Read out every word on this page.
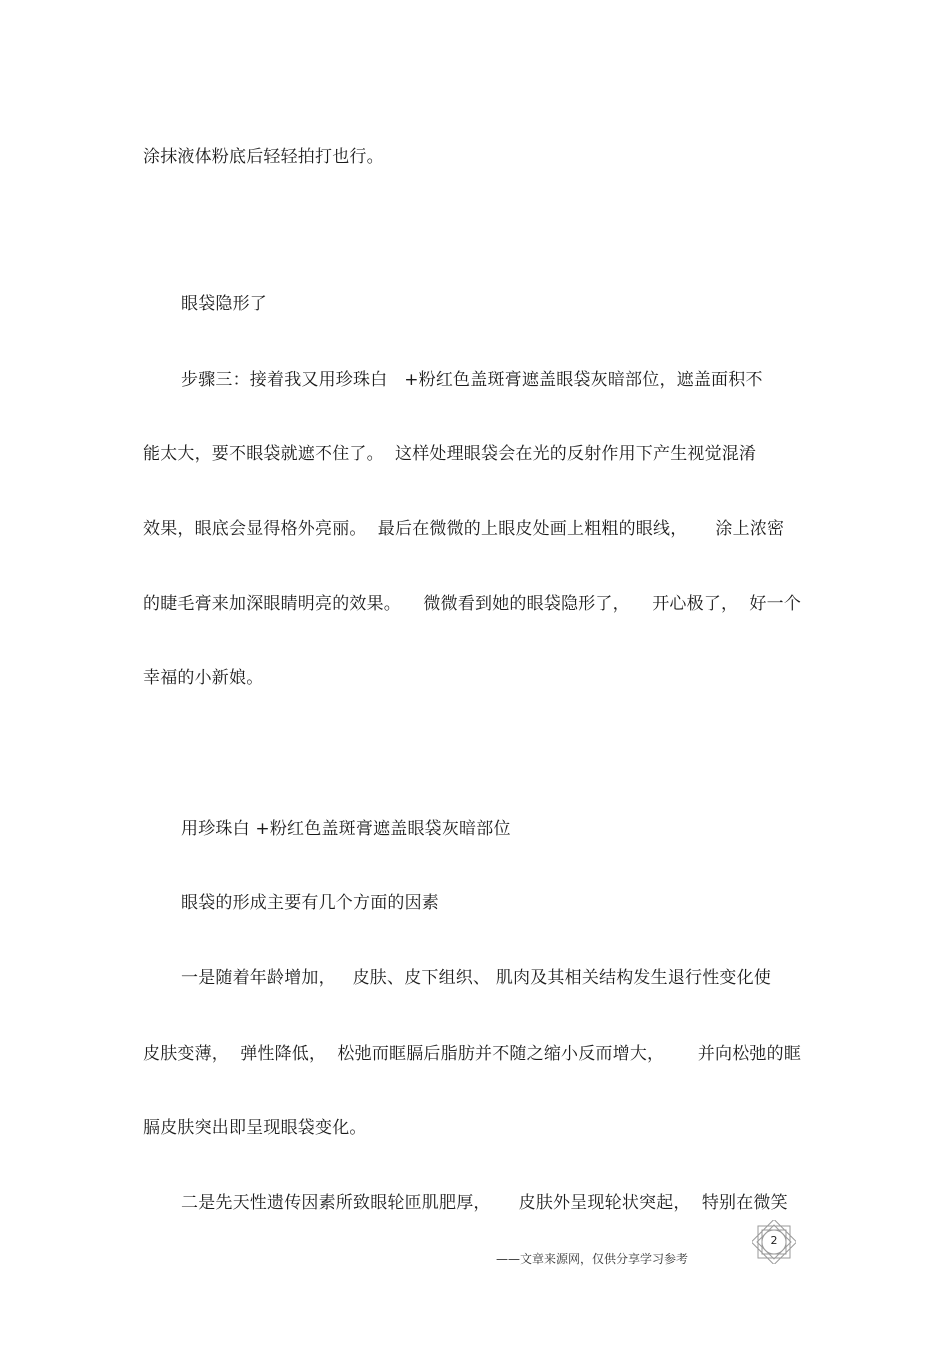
涂抹液体粉底后轻轻拍打也行。
眼袋隐形了
步骤三：接着我又用珍珠白   +粉红色盖斑膏遮盖眼袋灰暗部位，遮盖面积不
能太大，要不眼袋就遮不住了。  这样处理眼袋会在光的反射作用下产生视觉混淆
效果，眼底会显得格外亮丽。  最后在微微的上眼皮处画上粗粗的眼线，     涂上浓密
的睫毛膏来加深眼睛明亮的效果。    微微看到她的眼袋隐形了，    开心极了，  好一个
幸福的小新娘。
用珍珠白 +粉红色盖斑膏遮盖眼袋灰暗部位
眼袋的形成主要有几个方面的因素
一是随着年龄增加，   皮肤、皮下组织、 肌肉及其相关结构发生退行性变化使
皮肤变薄，  弹性降低，  松弛而眶膈后脂肪并不随之缩小反而增大，      并向松弛的眶
膈皮肤突出即呈现眼袋变化。
二是先天性遗传因素所致眼轮匝肌肥厚，     皮肤外呈现轮状突起，  特别在微笑
2
——文章来源网，仅供分享学习参考
